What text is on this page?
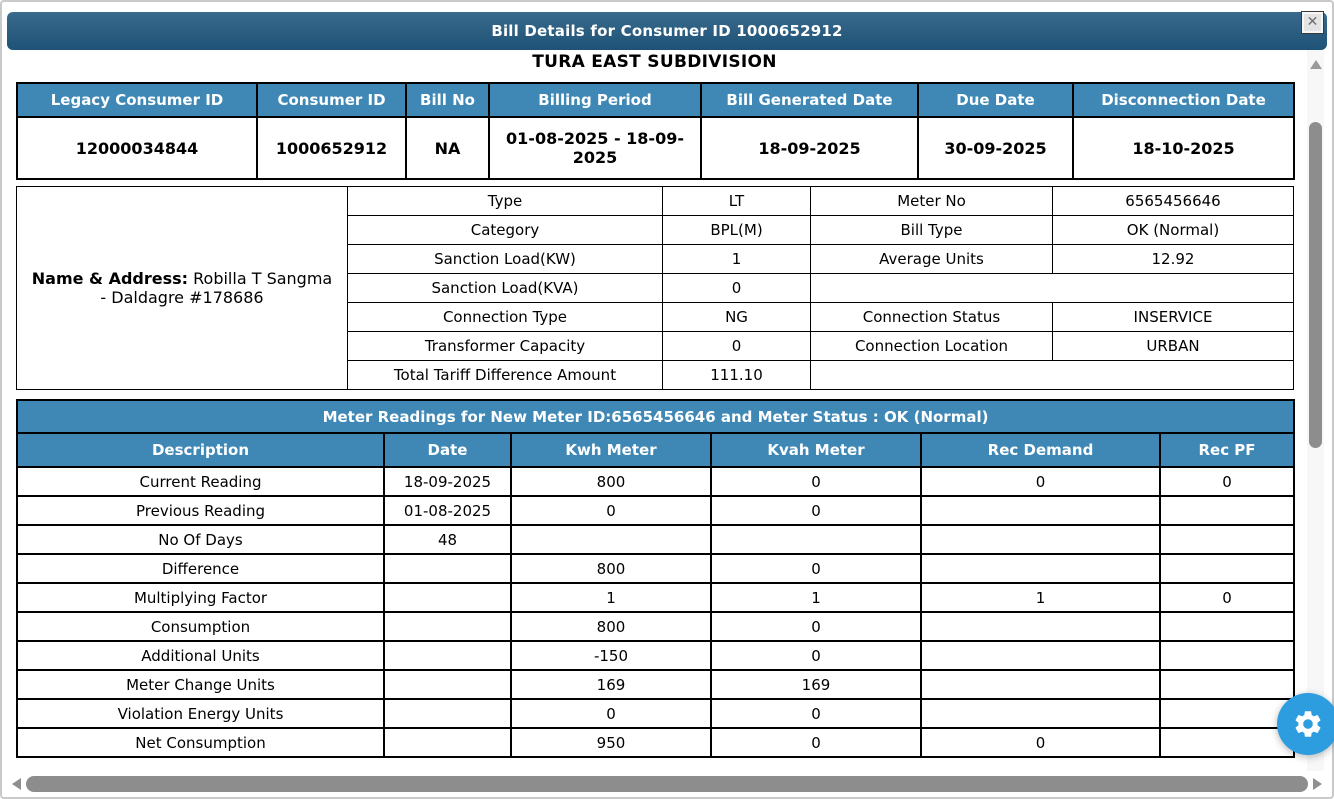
Bill Details for Consumer ID 1000652912	✕
TURA EAST SUBDIVISION
Legacy Consumer ID	Consumer ID	Bill No	Billing Period	Bill Generated Date	Due Date	Disconnection Date
12000034844	1000652912	NA	01-08-2025 - 18-09-2025	18-09-2025	30-09-2025	18-10-2025
Name & Address: Robilla T Sangma - Daldagre #178686	Type	LT	Meter No	6565456646
	Category	BPL(M)	Bill Type	OK (Normal)
	Sanction Load(KW)	1	Average Units	12.92
	Sanction Load(KVA)	0		
	Connection Type	NG	Connection Status	INSERVICE
	Transformer Capacity	0	Connection Location	URBAN
	Total Tariff Difference Amount	111.10		
Meter Readings for New Meter ID:6565456646 and Meter Status : OK (Normal)					
Description	Date	Kwh Meter	Kvah Meter	Rec Demand	Rec PF
Current Reading	18-09-2025	800	0	0	0
Previous Reading	01-08-2025	0	0		
No Of Days	48				
Difference		800	0		
Multiplying Factor		1	1	1	0
Consumption		800	0		
Additional Units		-150	0		
Meter Change Units		169	169		
Violation Energy Units		0	0		
Net Consumption		950	0	0	
